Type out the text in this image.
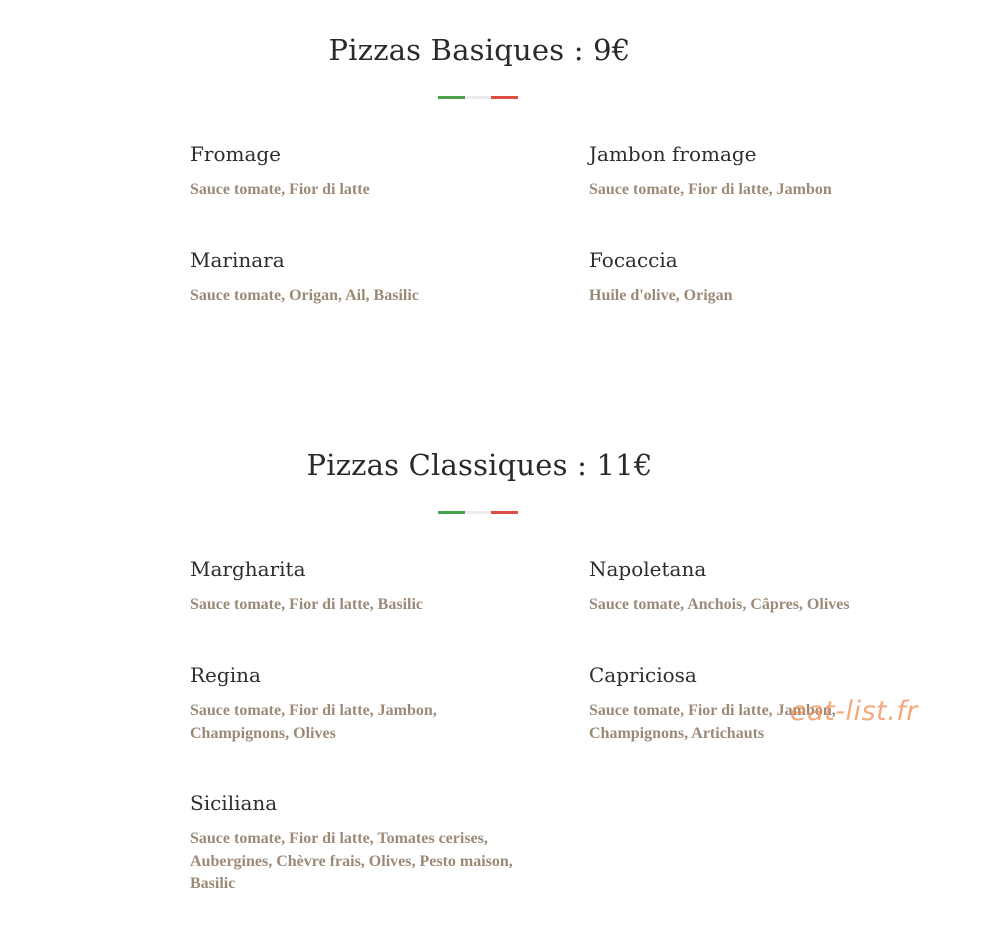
Pizzas Basiques : 9€
Fromage
Sauce tomate, Fior di latte
Jambon fromage
Sauce tomate, Fior di latte, Jambon
Marinara
Sauce tomate, Origan, Ail, Basilic
Focaccia
Huile d'olive, Origan
Pizzas Classiques : 11€
Margharita
Sauce tomate, Fior di latte, Basilic
Napoletana
Sauce tomate, Anchois, Câpres, Olives
Regina
Sauce tomate, Fior di latte, Jambon, Champignons, Olives
Capriciosa
Sauce tomate, Fior di latte, Jambon, Champignons, Artichauts
Siciliana
Sauce tomate, Fior di latte, Tomates cerises, Aubergines, Chèvre frais, Olives, Pesto maison, Basilic
eat-list.fr
